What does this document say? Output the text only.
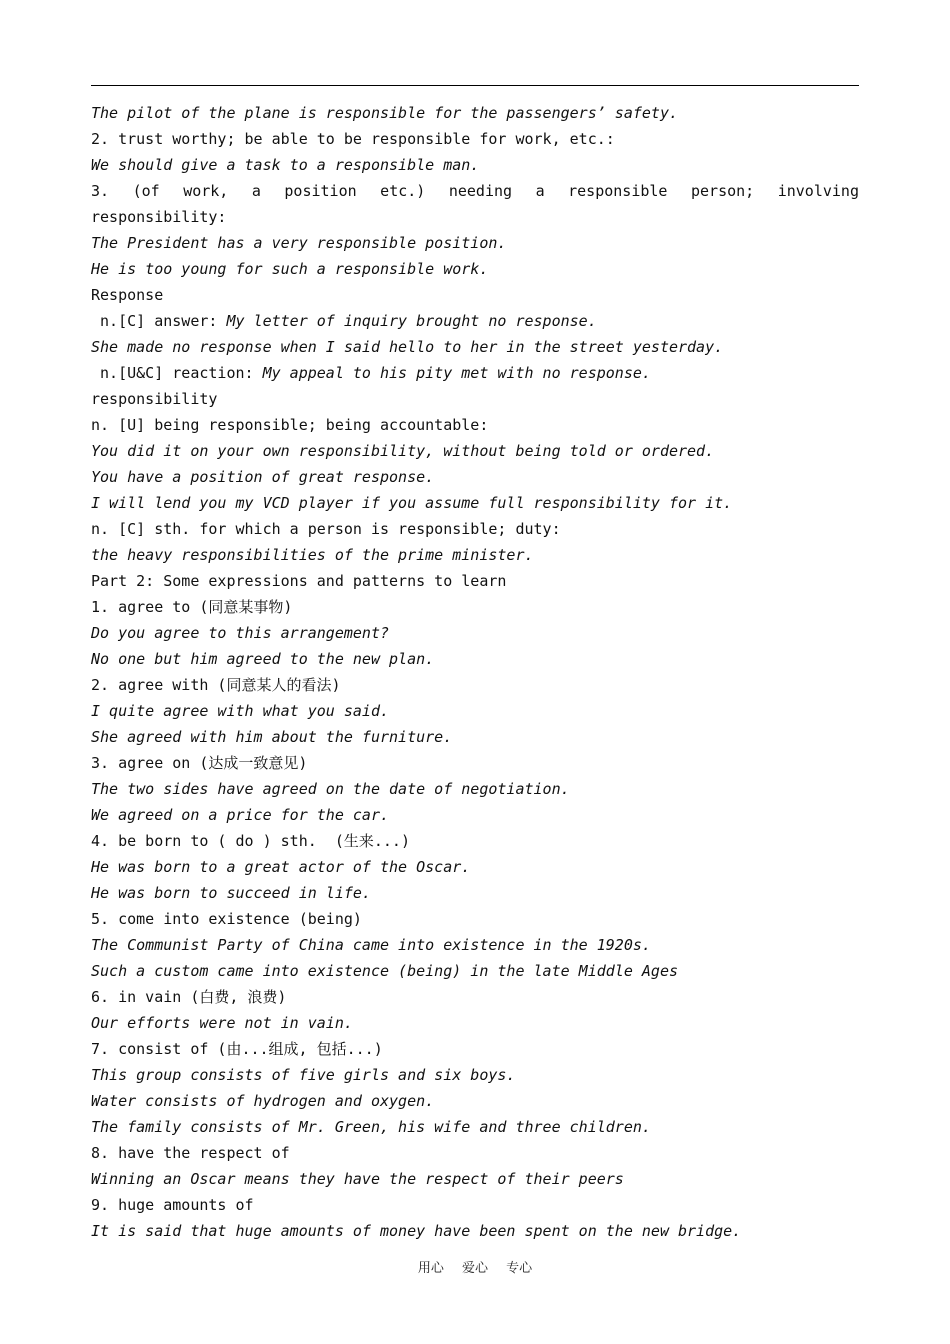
The pilot of the plane is responsible for the passengers’ safety.
2. trust worthy; be able to be responsible for work, etc.:
We should give a task to a responsible man.
3. (of work, a position etc.) needing a responsible person; involving
responsibility:
The President has a very responsible position.
He is too young for such a responsible work.
Response
n.[C] answer: My letter of inquiry brought no response.
She made no response when I said hello to her in the street yesterday.
n.[U&C] reaction: My appeal to his pity met with no response.
responsibility
n. [U] being responsible; being accountable:
You did it on your own responsibility, without being told or ordered.
You have a position of great response.
I will lend you my VCD player if you assume full responsibility for it.
n. [C] sth. for which a person is responsible; duty:
the heavy responsibilities of the prime minister.
Part 2: Some expressions and patterns to learn
1. agree to (同意某事物)
Do you agree to this arrangement?
No one but him agreed to the new plan.
2. agree with (同意某人的看法)
I quite agree with what you said.
She agreed with him about the furniture.
3. agree on (达成一致意见)
The two sides have agreed on the date of negotiation.
We agreed on a price for the car.
4. be born to ( do ) sth.  (生来...)
He was born to a great actor of the Oscar.
He was born to succeed in life.
5. come into existence (being)
The Communist Party of China came into existence in the 1920s.
Such a custom came into existence (being) in the late Middle Ages
6. in vain (白费, 浪费)
Our efforts were not in vain.
7. consist of (由...组成, 包括...)
This group consists of five girls and six boys.
Water consists of hydrogen and oxygen.
The family consists of Mr. Green, his wife and three children.
8. have the respect of
Winning an Oscar means they have the respect of their peers
9. huge amounts of
It is said that huge amounts of money have been spent on the new bridge.
用心 爱心 专心
